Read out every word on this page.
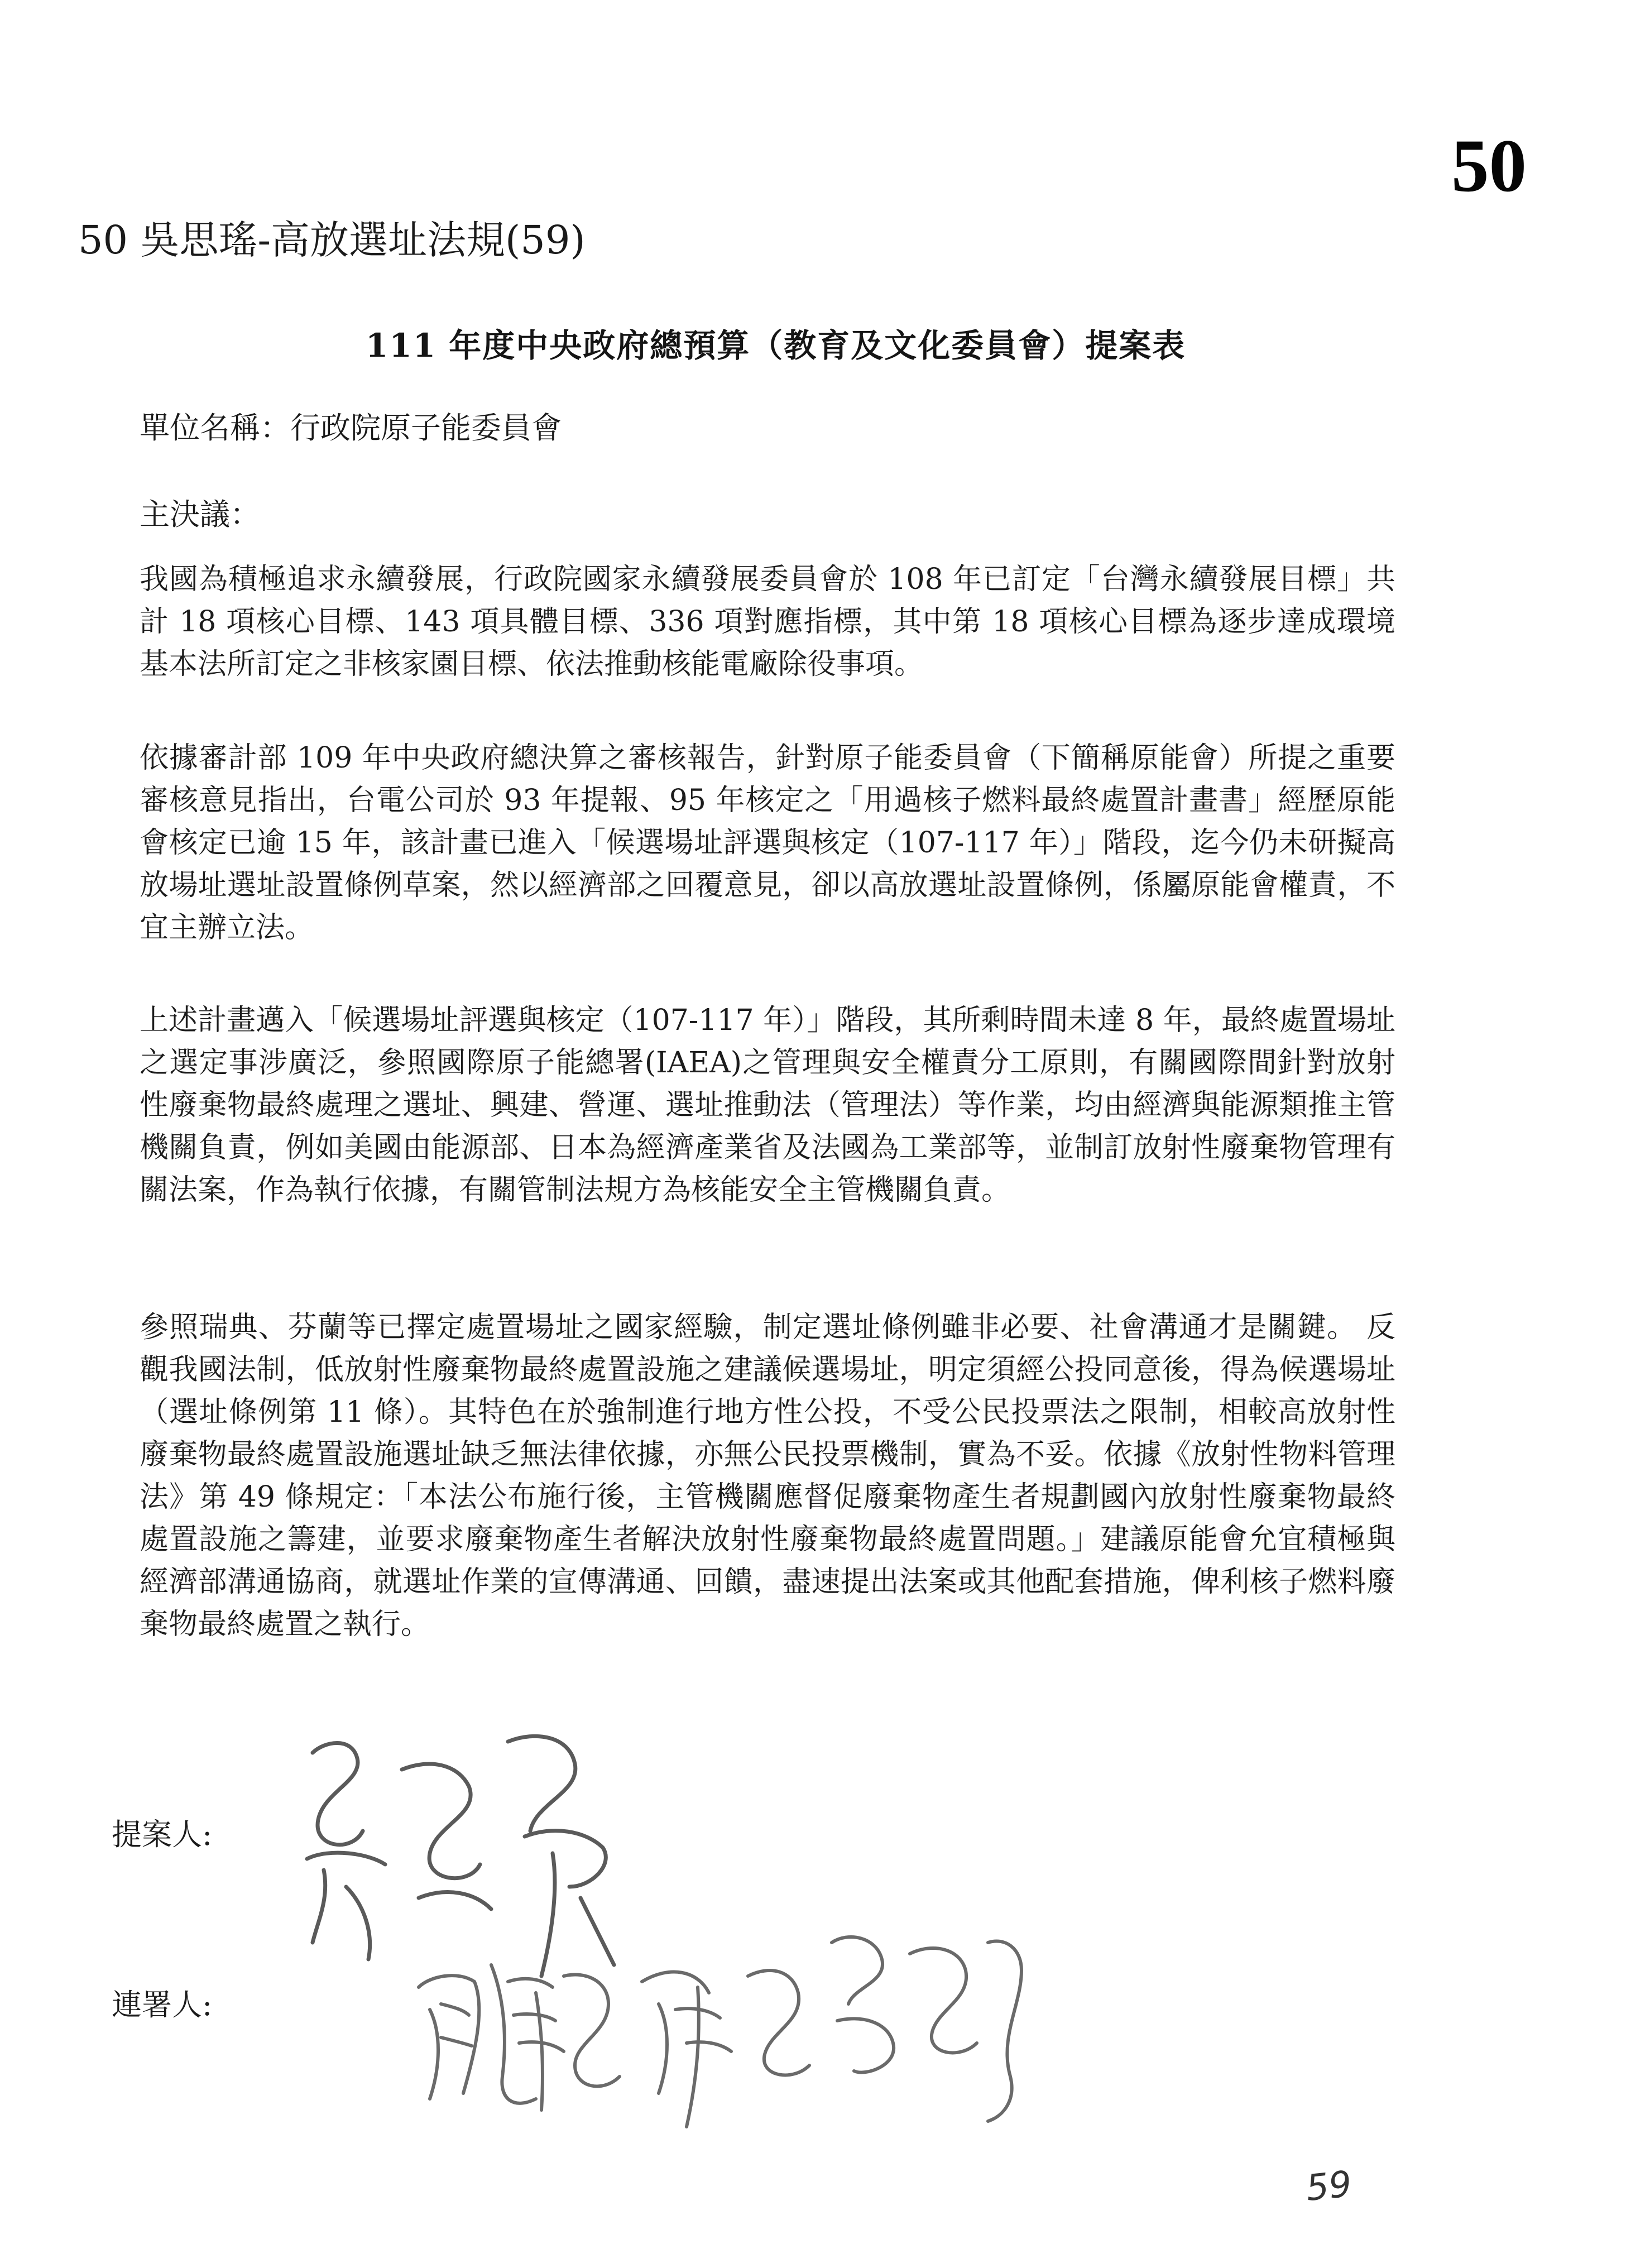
50
50 吳思瑤-高放選址法規(59)
111 年度中央政府總預算（教育及文化委員會）提案表
單位名稱：行政院原子能委員會
主決議：

我國為積極追求永續發展，行政院國家永續發展委員會於 108 年已訂定「台灣永續發展目標」共計 18 項核心目標、143 項具體目標、336 項對應指標，其中第 18 項核心目標為逐步達成環境基本法所訂定之非核家園目標、依法推動核能電廠除役事項。

依據審計部 109 年中央政府總決算之審核報告，針對原子能委員會（下簡稱原能會）所提之重要審核意見指出，台電公司於 93 年提報、95 年核定之「用過核子燃料最終處置計畫書」經歷原能會核定已逾 15 年，該計畫已進入「候選場址評選與核定（107-117 年）」階段，迄今仍未研擬高放場址選址設置條例草案，然以經濟部之回覆意見，卻以高放選址設置條例，係屬原能會權責，不宜主辦立法。

上述計畫邁入「候選場址評選與核定（107-117 年）」階段，其所剩時間未達 8 年，最終處置場址之選定事涉廣泛，參照國際原子能總署(IAEA)之管理與安全權責分工原則，有關國際間針對放射性廢棄物最終處理之選址、興建、營運、選址推動法（管理法）等作業，均由經濟與能源類推主管機關負責，例如美國由能源部、日本為經濟產業省及法國為工業部等，並制訂放射性廢棄物管理有關法案，作為執行依據，有關管制法規方為核能安全主管機關負責。

參照瑞典、芬蘭等已擇定處置場址之國家經驗，制定選址條例雖非必要、社會溝通才是關鍵。 反觀我國法制，低放射性廢棄物最終處置設施之建議候選場址，明定須經公投同意後，得為候選場址（選址條例第 11 條）。其特色在於強制進行地方性公投，不受公民投票法之限制，相較高放射性廢棄物最終處置設施選址缺乏無法律依據，亦無公民投票機制，實為不妥。依據《放射性物料管理法》第 49 條規定：「本法公布施行後，主管機關應督促廢棄物產生者規劃國內放射性廢棄物最終處置設施之籌建，並要求廢棄物產生者解決放射性廢棄物最終處置問題。」建議原能會允宜積極與經濟部溝通協商，就選址作業的宣傳溝通、回饋，盡速提出法案或其他配套措施，俾利核子燃料廢棄物最終處置之執行。

提案人:
連署人:
59
